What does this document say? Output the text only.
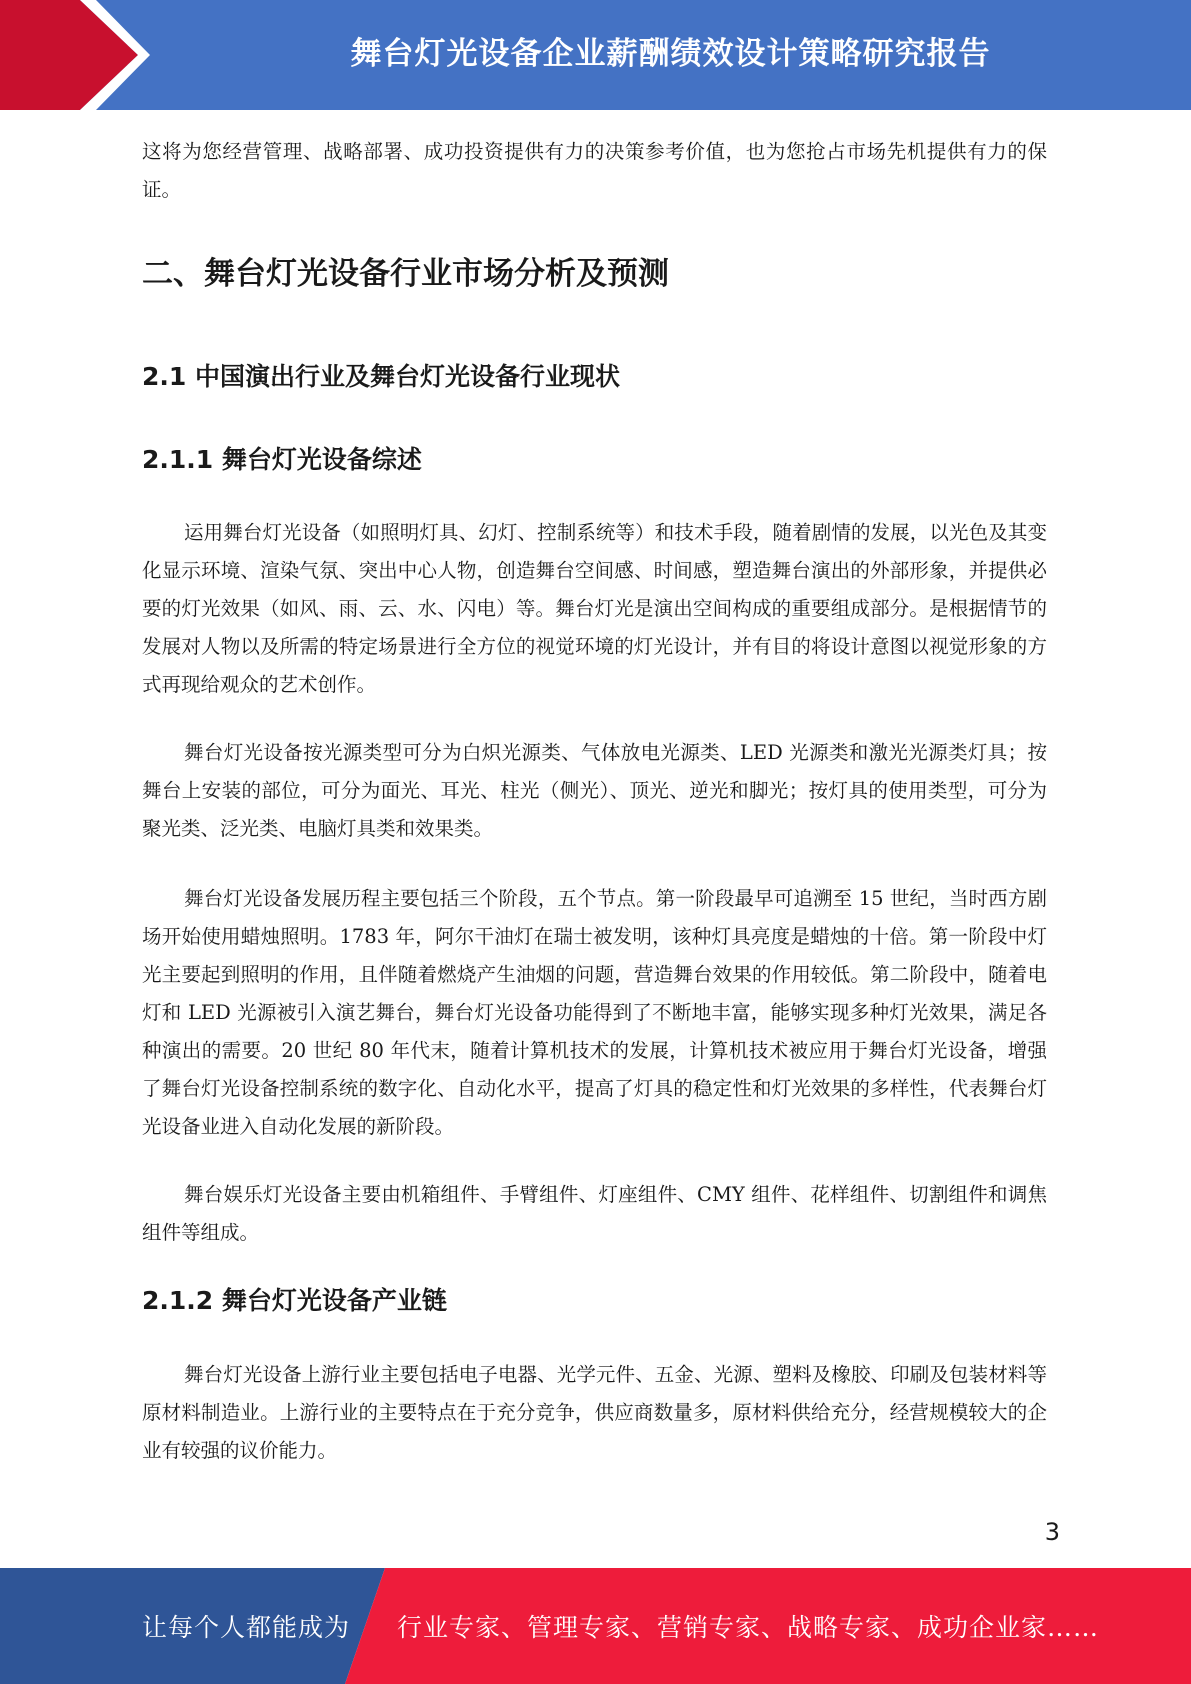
舞台灯光设备企业薪酬绩效设计策略研究报告

这将为您经营管理、战略部署、成功投资提供有力的决策参考价值，也为您抢占市场先机提供有力的保证。

二、舞台灯光设备行业市场分析及预测
2.1 中国演出行业及舞台灯光设备行业现状
2.1.1 舞台灯光设备综述

运用舞台灯光设备（如照明灯具、幻灯、控制系统等）和技术手段，随着剧情的发展，以光色及其变化显示环境、渲染气氛、突出中心人物，创造舞台空间感、时间感，塑造舞台演出的外部形象，并提供必要的灯光效果（如风、雨、云、水、闪电）等。舞台灯光是演出空间构成的重要组成部分。是根据情节的发展对人物以及所需的特定场景进行全方位的视觉环境的灯光设计，并有目的将设计意图以视觉形象的方式再现给观众的艺术创作。

舞台灯光设备按光源类型可分为白炽光源类、气体放电光源类、LED 光源类和激光光源类灯具；按舞台上安装的部位，可分为面光、耳光、柱光（侧光）、顶光、逆光和脚光；按灯具的使用类型，可分为聚光类、泛光类、电脑灯具类和效果类。

舞台灯光设备发展历程主要包括三个阶段，五个节点。第一阶段最早可追溯至 15 世纪，当时西方剧场开始使用蜡烛照明。1783 年，阿尔干油灯在瑞士被发明，该种灯具亮度是蜡烛的十倍。第一阶段中灯光主要起到照明的作用，且伴随着燃烧产生油烟的问题，营造舞台效果的作用较低。第二阶段中，随着电灯和 LED 光源被引入演艺舞台，舞台灯光设备功能得到了不断地丰富，能够实现多种灯光效果，满足各种演出的需要。20 世纪 80 年代末，随着计算机技术的发展，计算机技术被应用于舞台灯光设备，增强了舞台灯光设备控制系统的数字化、自动化水平，提高了灯具的稳定性和灯光效果的多样性，代表舞台灯光设备业进入自动化发展的新阶段。

舞台娱乐灯光设备主要由机箱组件、手臂组件、灯座组件、CMY 组件、花样组件、切割组件和调焦组件等组成。

2.1.2 舞台灯光设备产业链

舞台灯光设备上游行业主要包括电子电器、光学元件、五金、光源、塑料及橡胶、印刷及包装材料等原材料制造业。上游行业的主要特点在于充分竞争，供应商数量多，原材料供给充分，经营规模较大的企业有较强的议价能力。

3
让每个人都能成为 行业专家、管理专家、营销专家、战略专家、成功企业家……
